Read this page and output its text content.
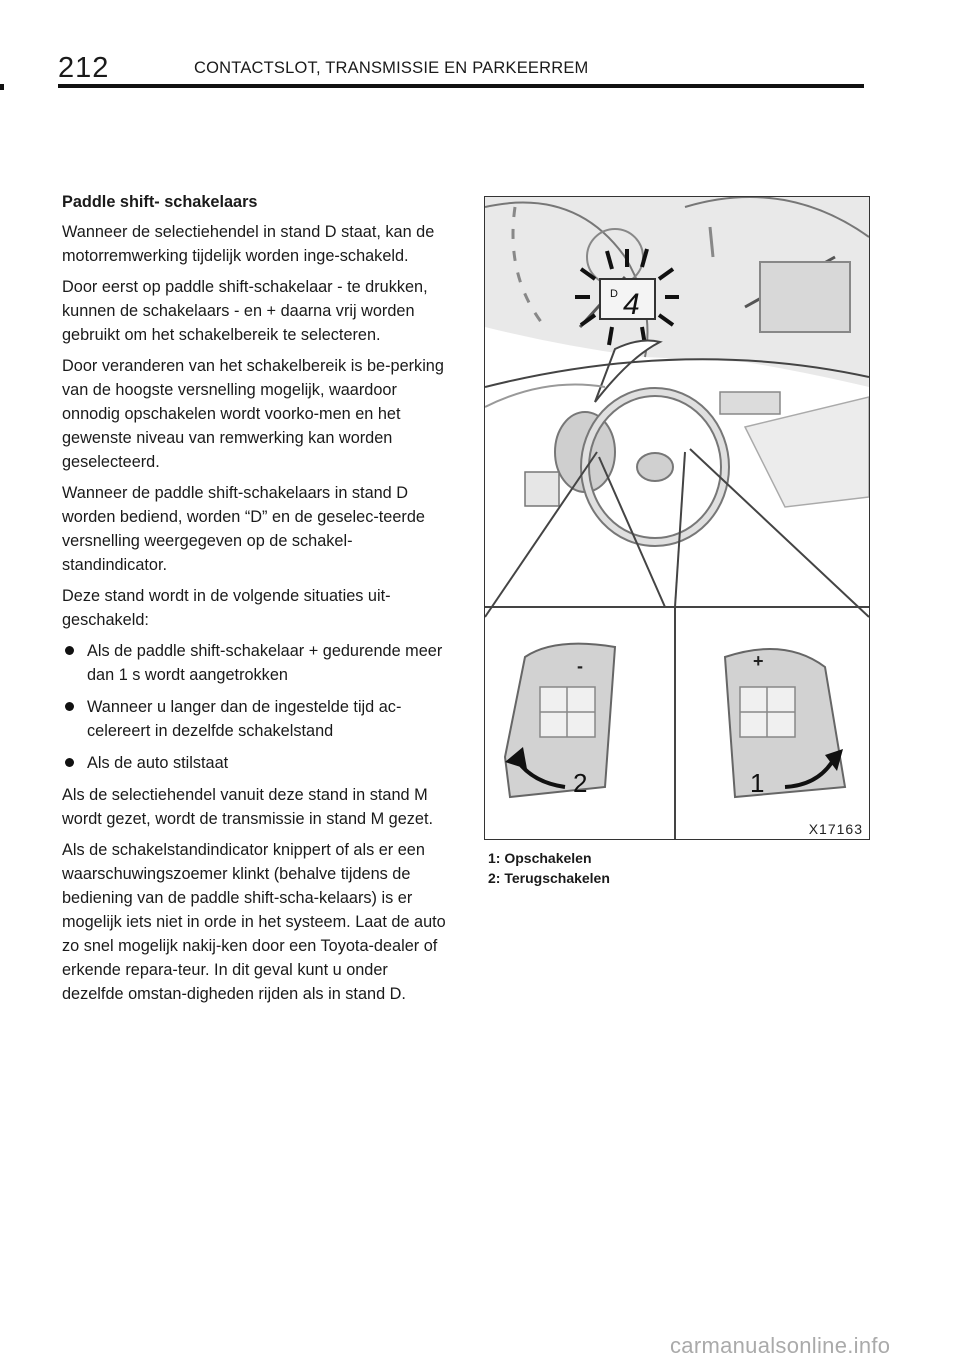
212	CONTACTSLOT, TRANSMISSIE EN PARKEERREM
Paddle shift- schakelaars

Wanneer de selectiehendel in stand D staat, kan de motorremwerking tijdelijk worden inge-schakeld.

Door eerst op paddle shift-schakelaar - te drukken, kunnen de schakelaars - en + daarna vrij worden gebruikt om het schakelbereik te selecteren.

Door veranderen van het schakelbereik is be-perking van de hoogste versnelling mogelijk, waardoor onnodig opschakelen wordt voorko-men en het gewenste niveau van remwerking kan worden geselecteerd.

Wanneer de paddle shift-schakelaars in stand D worden bediend, worden “D” en de geselec-teerde versnelling weergegeven op de schakel-standindicator.

Deze stand wordt in de volgende situaties uit-geschakeld:

Als de paddle shift-schakelaar + gedurende meer dan 1 s wordt aangetrokken
Wanneer u langer dan de ingestelde tijd ac-celereert in dezelfde schakelstand
Als de auto stilstaat

Als de selectiehendel vanuit deze stand in stand M wordt gezet, wordt de transmissie in stand M gezet.

Als de schakelstandindicator knippert of als er een waarschuwingszoemer klinkt (behalve tijdens de bediening van de paddle shift-scha-kelaars) is er mogelijk iets niet in orde in het systeem. Laat de auto zo snel mogelijk nakij-ken door een Toyota-dealer of erkende repara-teur. In dit geval kunt u onder dezelfde omstan-digheden rijden als in stand D.

D 4
-
2
+
1
X17163
1: Opschakelen
2: Terugschakelen
carmanualsonline.info
